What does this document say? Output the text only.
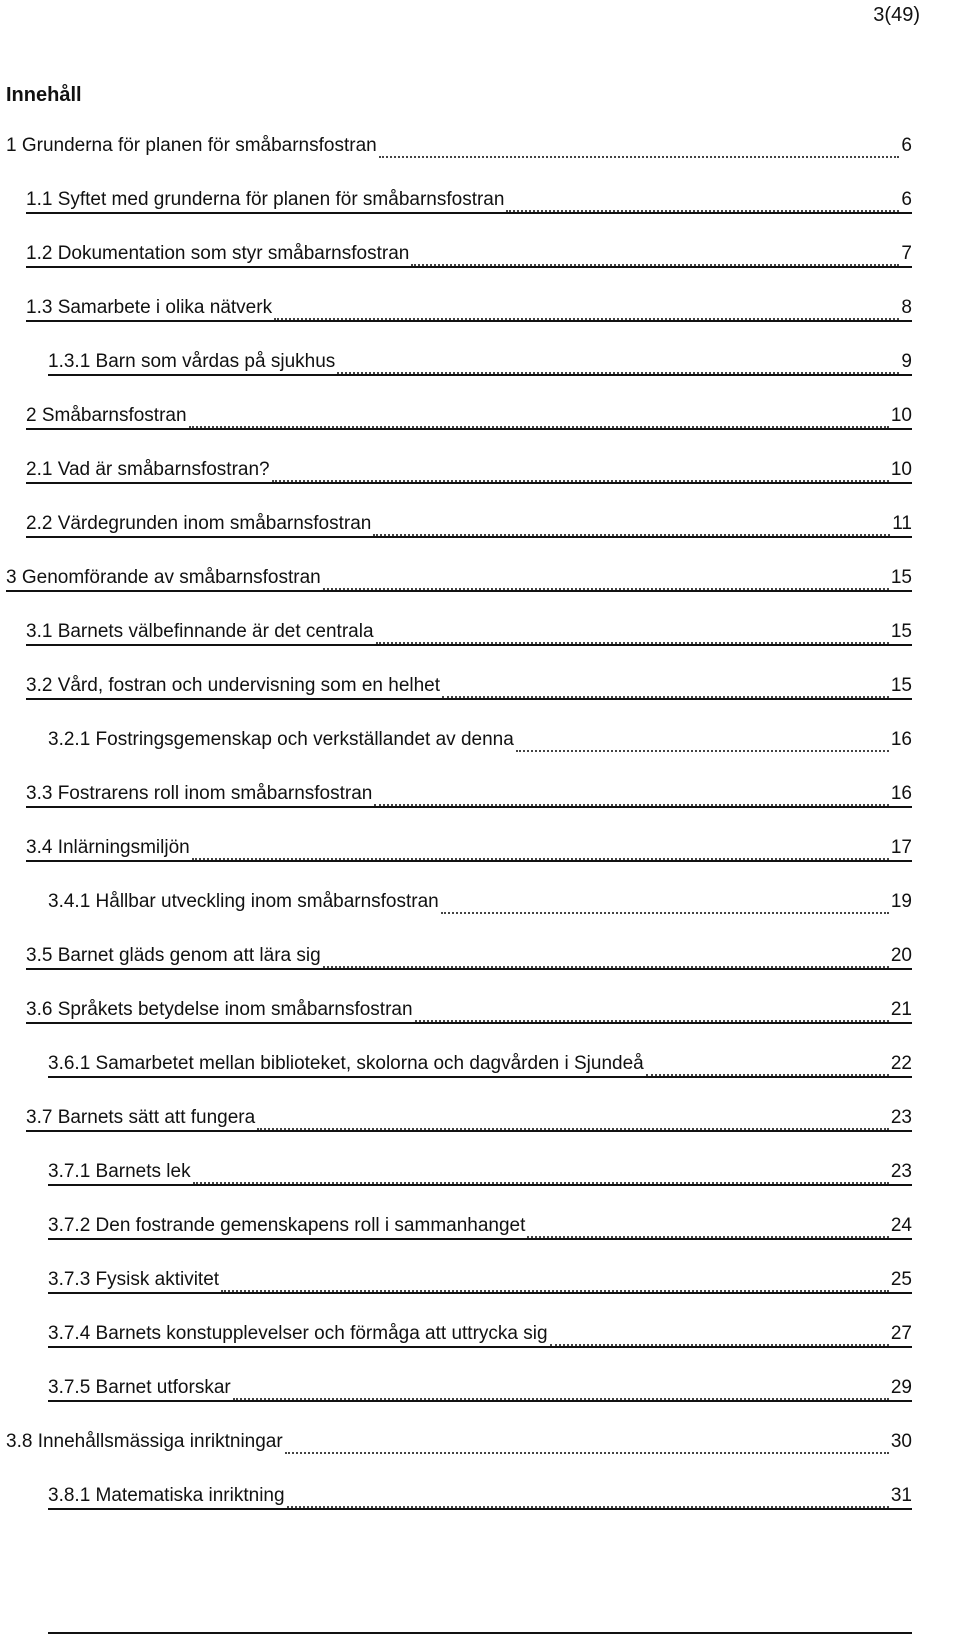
3(49)
Innehåll
1 Grunderna för planen för småbarnsfostran	6
1.1 Syftet med grunderna för planen för småbarnsfostran	6
1.2 Dokumentation som styr småbarnsfostran	7
1.3 Samarbete i olika nätverk	8
1.3.1 Barn som vårdas på sjukhus	9
2 Småbarnsfostran	10
2.1 Vad är småbarnsfostran?	10
2.2 Värdegrunden inom småbarnsfostran	11
3 Genomförande av småbarnsfostran	15
3.1 Barnets välbefinnande är det centrala	15
3.2 Vård, fostran och undervisning som en helhet	15
3.2.1 Fostringsgemenskap och verkställandet av denna	16
3.3 Fostrarens roll inom småbarnsfostran	16
3.4 Inlärningsmiljön	17
3.4.1 Hållbar utveckling inom småbarnsfostran	19
3.5 Barnet gläds genom att lära sig	20
3.6 Språkets betydelse inom småbarnsfostran	21
3.6.1 Samarbetet mellan biblioteket, skolorna och dagvården i Sjundeå	22
3.7 Barnets sätt att fungera	23
3.7.1 Barnets lek	23
3.7.2 Den fostrande gemenskapens roll i sammanhanget	24
3.7.3 Fysisk aktivitet	25
3.7.4 Barnets konstupplevelser och förmåga att uttrycka sig	27
3.7.5 Barnet utforskar	29
3.8 Innehållsmässiga inriktningar	30
3.8.1 Matematiska inriktning	31
